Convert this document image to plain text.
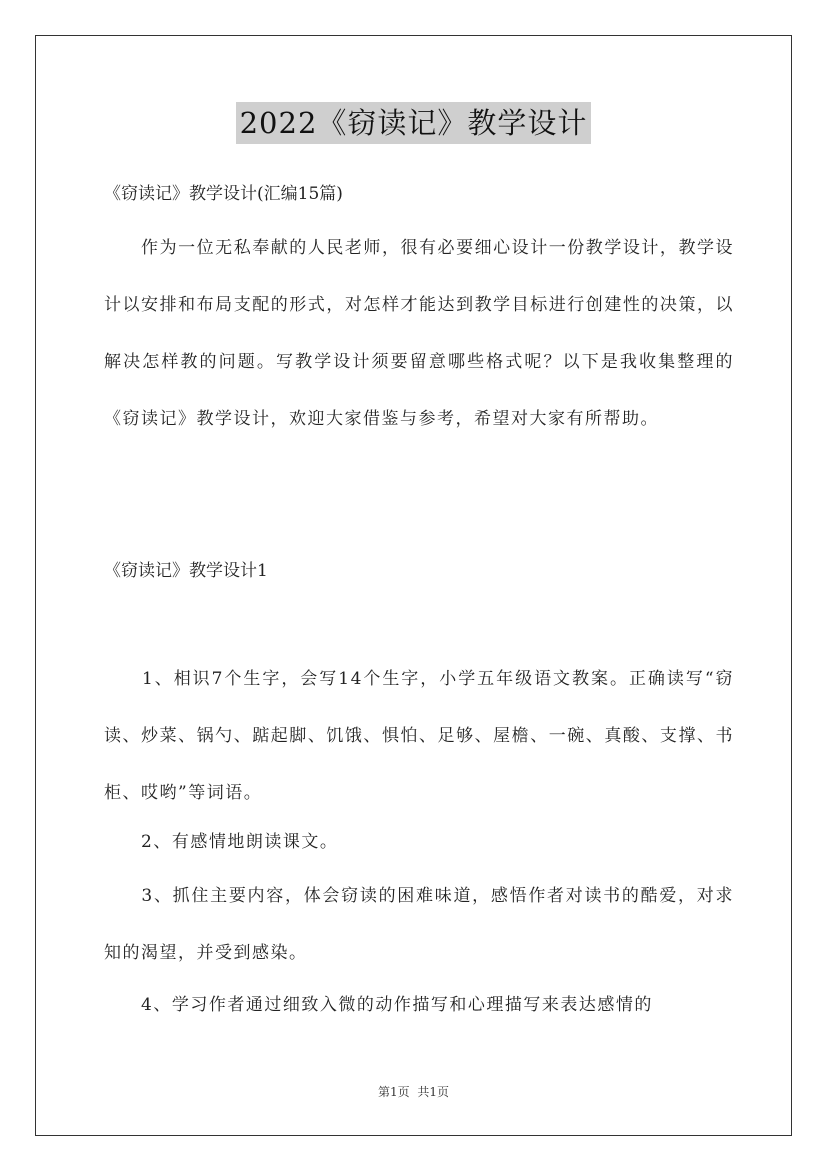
2022《窃读记》教学设计
《窃读记》教学设计(汇编15篇)

　　作为一位无私奉献的人民老师，很有必要细心设计一份教学设计，教学设计以安排和布局支配的形式，对怎样才能达到教学目标进行创建性的决策，以解决怎样教的问题。写教学设计须要留意哪些格式呢？以下是我收集整理的《窃读记》教学设计，欢迎大家借鉴与参考，希望对大家有所帮助。

《窃读记》教学设计1

　　1、相识7个生字，会写14个生字，小学五年级语文教案。正确读写“窃读、炒菜、锅勺、踮起脚、饥饿、惧怕、足够、屋檐、一碗、真酸、支撑、书柜、哎哟”等词语。

　　2、有感情地朗读课文。

　　3、抓住主要内容，体会窃读的困难味道，感悟作者对读书的酷爱，对求知的渴望，并受到感染。

　　4、学习作者通过细致入微的动作描写和心理描写来表达感情的

第1页 共1页
